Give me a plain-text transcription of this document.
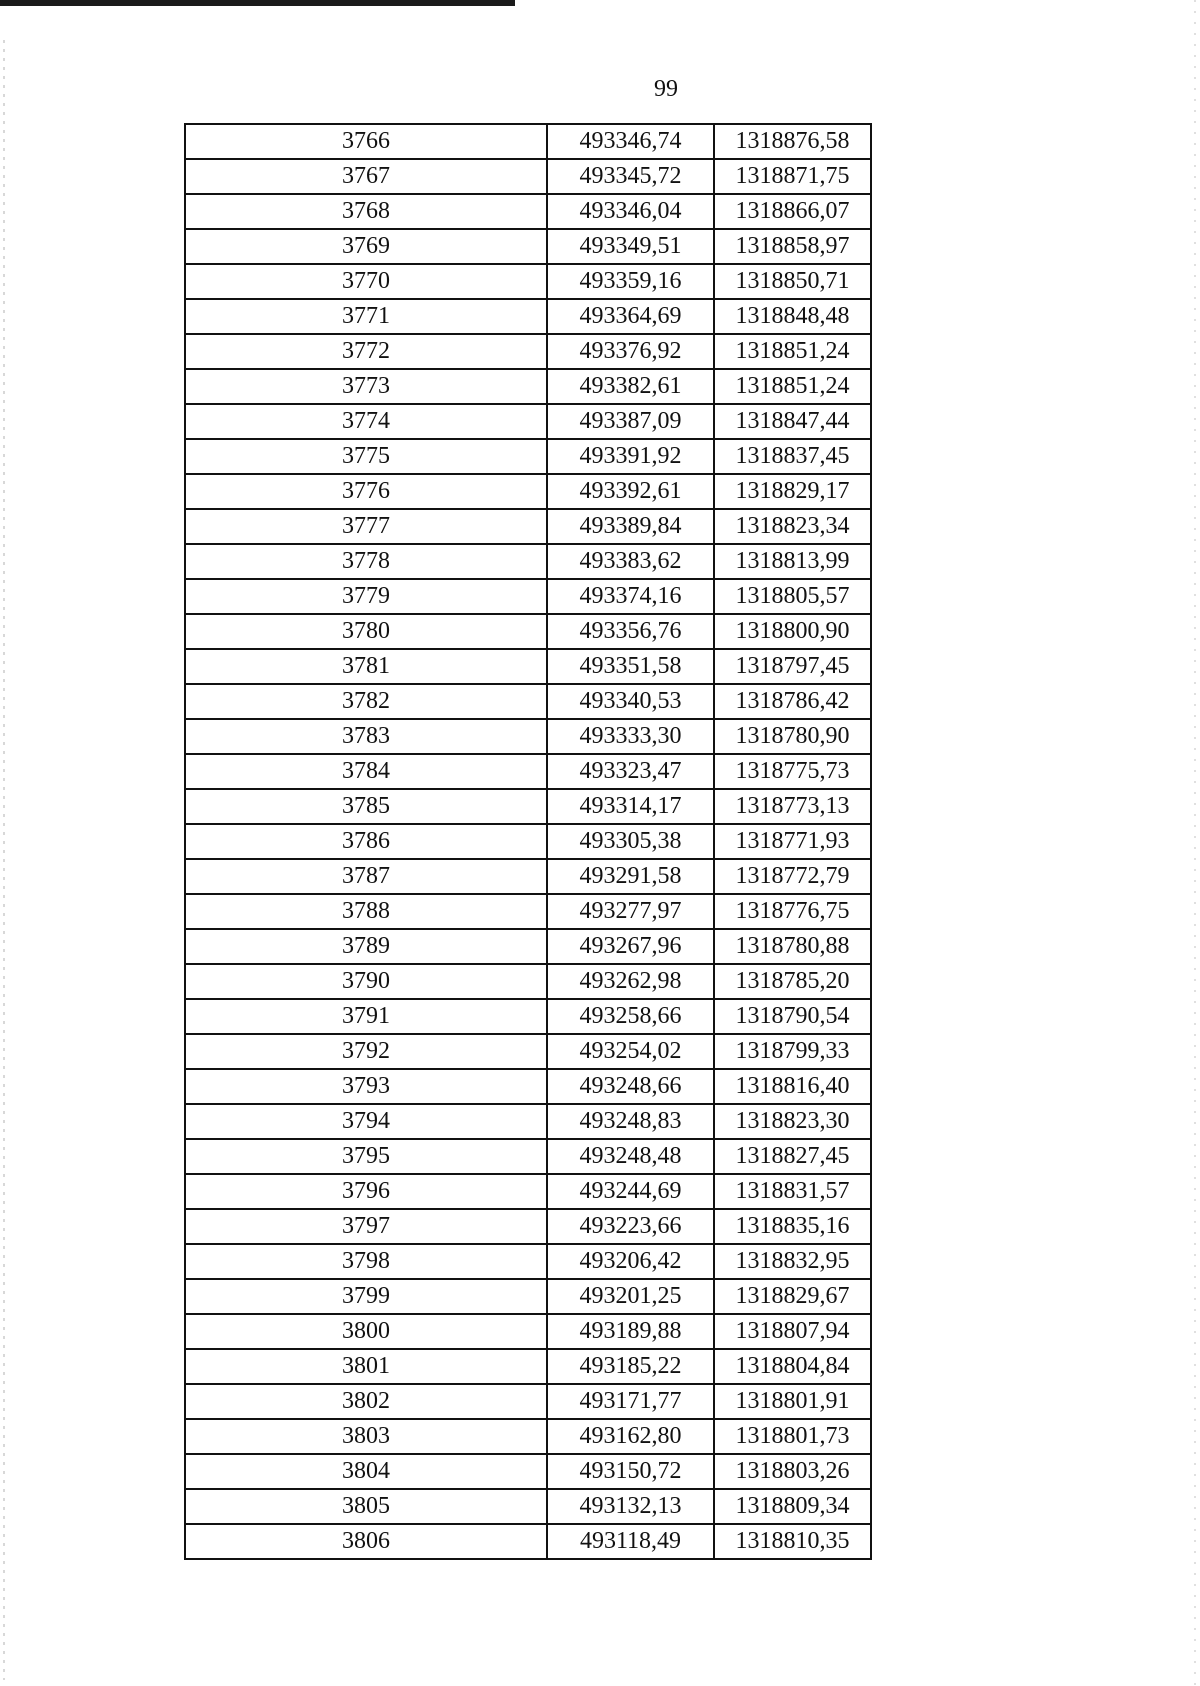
99
3766	493346,74	1318876,58
3767	493345,72	1318871,75
3768	493346,04	1318866,07
3769	493349,51	1318858,97
3770	493359,16	1318850,71
3771	493364,69	1318848,48
3772	493376,92	1318851,24
3773	493382,61	1318851,24
3774	493387,09	1318847,44
3775	493391,92	1318837,45
3776	493392,61	1318829,17
3777	493389,84	1318823,34
3778	493383,62	1318813,99
3779	493374,16	1318805,57
3780	493356,76	1318800,90
3781	493351,58	1318797,45
3782	493340,53	1318786,42
3783	493333,30	1318780,90
3784	493323,47	1318775,73
3785	493314,17	1318773,13
3786	493305,38	1318771,93
3787	493291,58	1318772,79
3788	493277,97	1318776,75
3789	493267,96	1318780,88
3790	493262,98	1318785,20
3791	493258,66	1318790,54
3792	493254,02	1318799,33
3793	493248,66	1318816,40
3794	493248,83	1318823,30
3795	493248,48	1318827,45
3796	493244,69	1318831,57
3797	493223,66	1318835,16
3798	493206,42	1318832,95
3799	493201,25	1318829,67
3800	493189,88	1318807,94
3801	493185,22	1318804,84
3802	493171,77	1318801,91
3803	493162,80	1318801,73
3804	493150,72	1318803,26
3805	493132,13	1318809,34
3806	493118,49	1318810,35
